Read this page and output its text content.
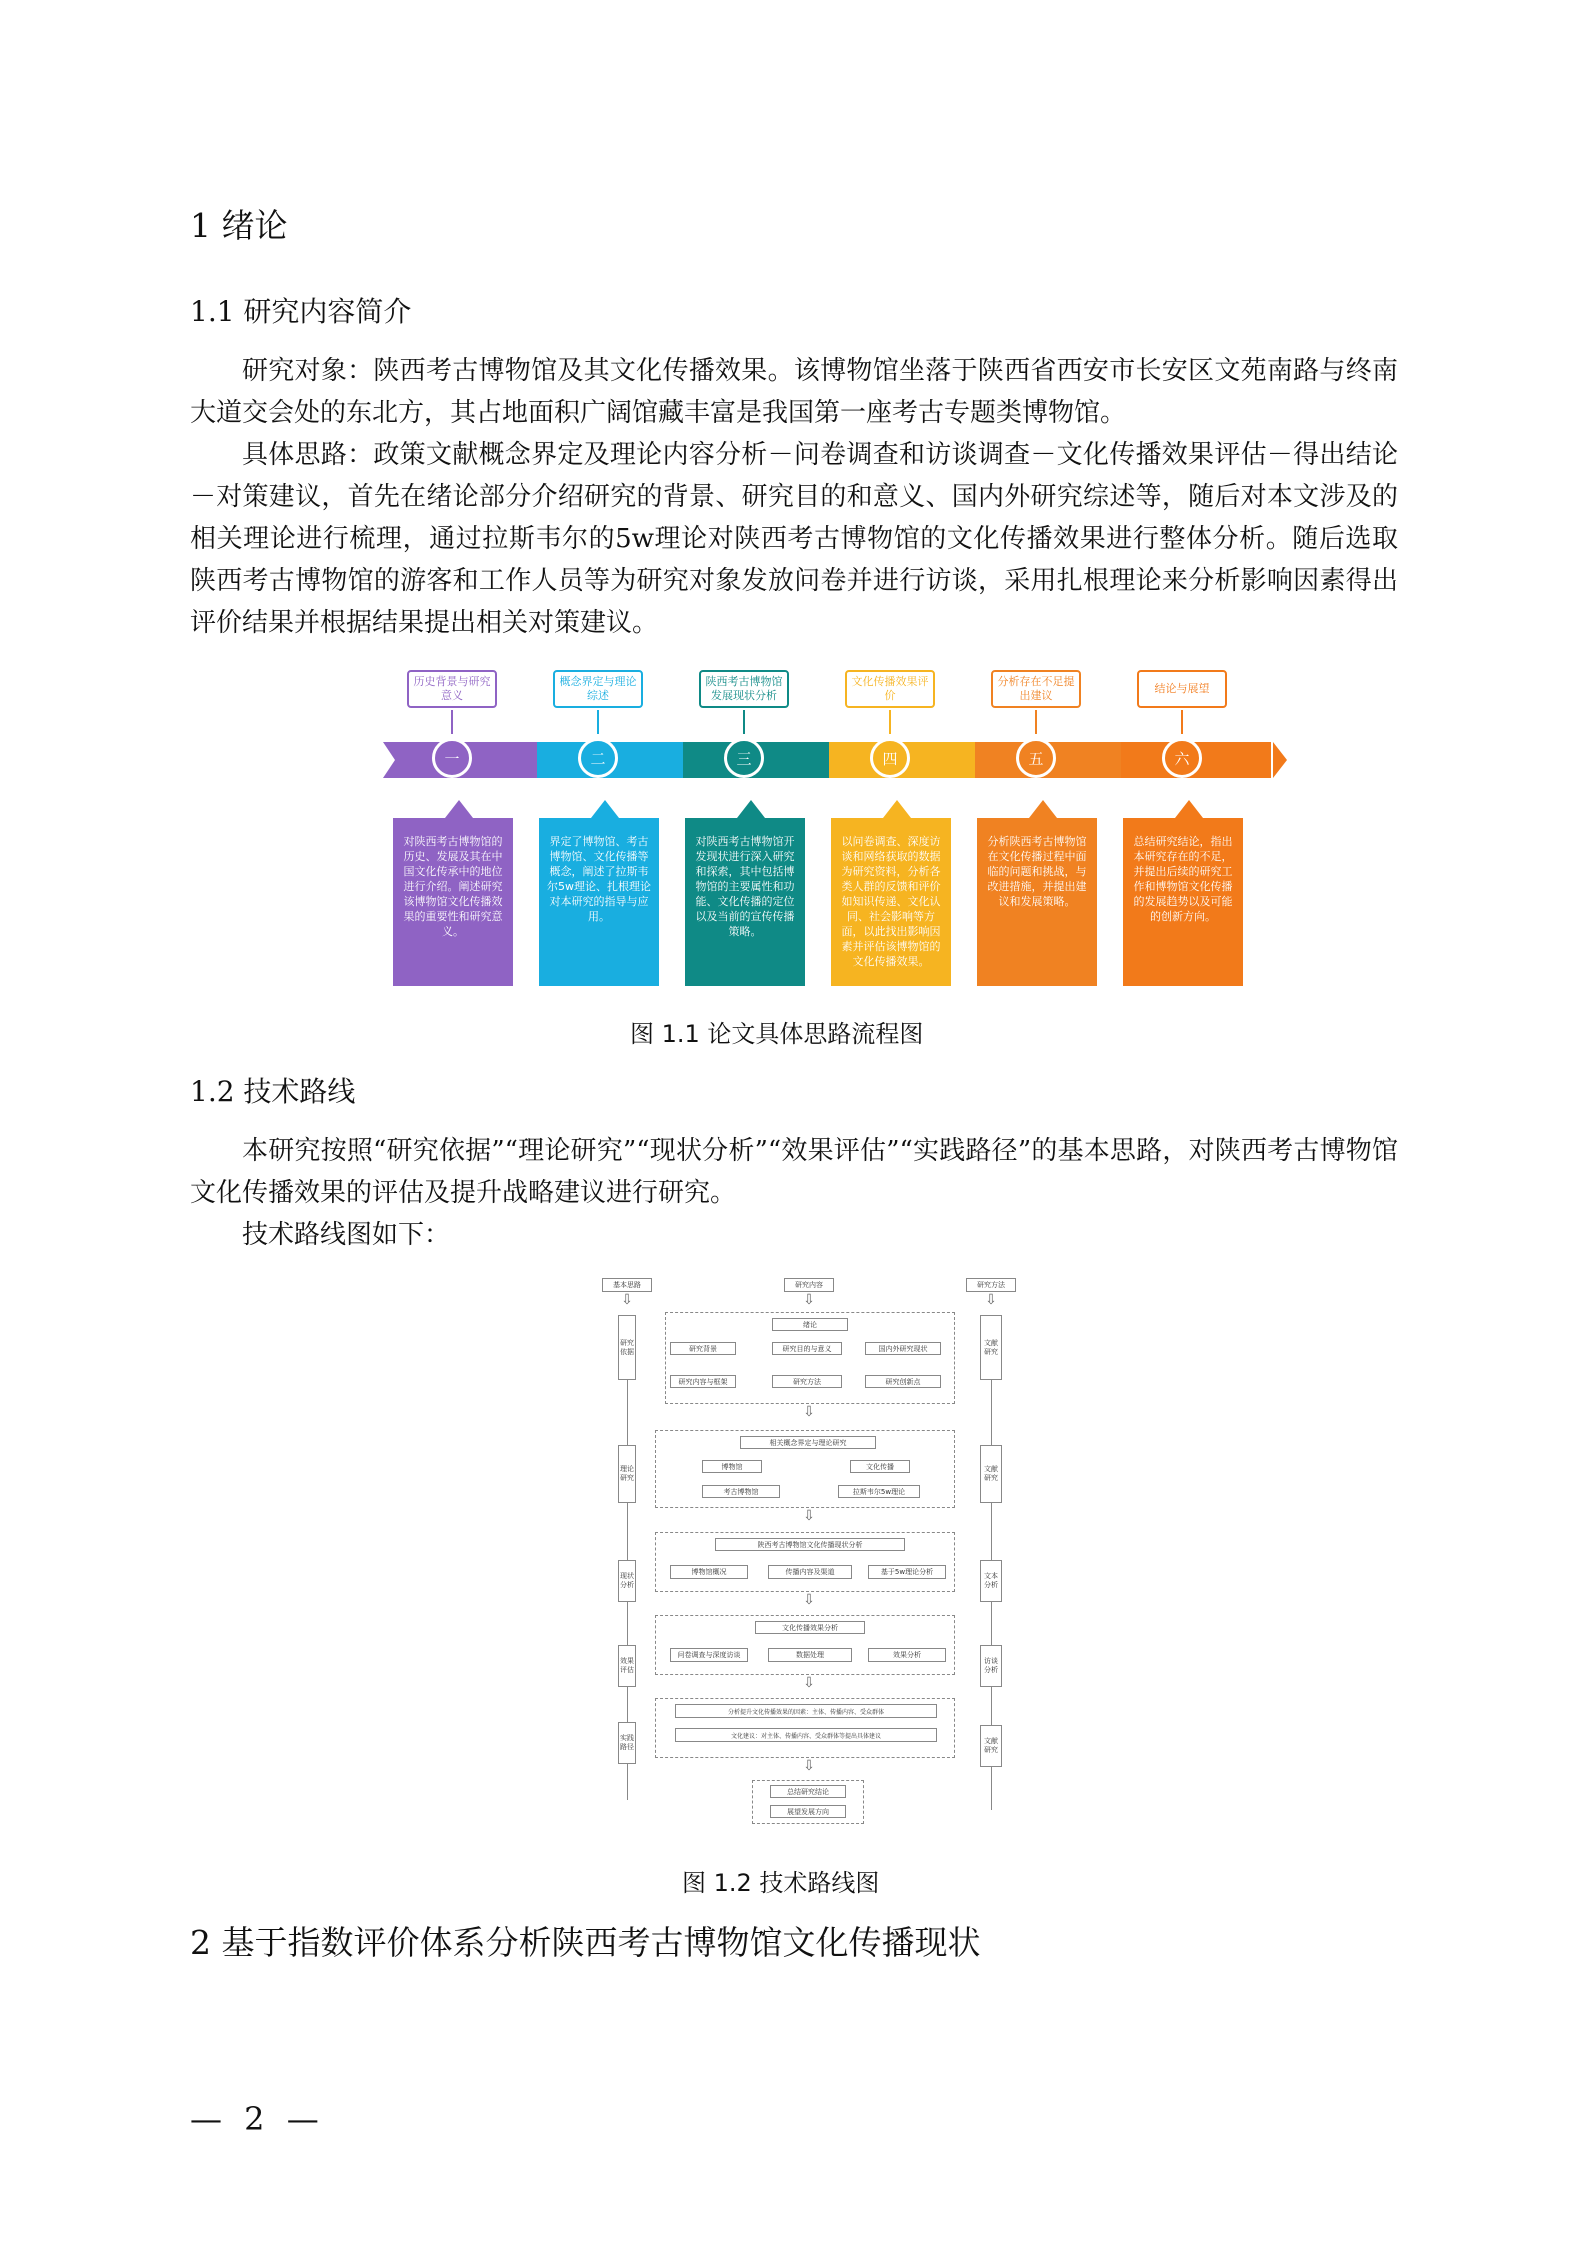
1 绪论
1.1 研究内容简介

研究对象：陕西考古博物馆及其文化传播效果。该博物馆坐落于陕西省西安市长安区文苑南路与终南大道交会处的东北方，其占地面积广阔馆藏丰富是我国第一座考古专题类博物馆。

具体思路：政策文献概念界定及理论内容分析－问卷调查和访谈调查－文化传播效果评估－得出结论－对策建议，首先在绪论部分介绍研究的背景、研究目的和意义、国内外研究综述等，随后对本文涉及的相关理论进行梳理，通过拉斯韦尔的5w理论对陕西考古博物馆的文化传播效果进行整体分析。随后选取陕西考古博物馆的游客和工作人员等为研究对象发放问卷并进行访谈，采用扎根理论来分析影响因素得出评价结果并根据结果提出相关对策建议。

历史背景与研究意义
一
对陕西考古博物馆的历史、发展及其在中国文化传承中的地位进行介绍。阐述研究该博物馆文化传播效果的重要性和研究意义。
概念界定与理论综述
二
界定了博物馆、考古博物馆、文化传播等概念，阐述了拉斯韦尔5w理论、扎根理论对本研究的指导与应用。
陕西考古博物馆发展现状分析
三
对陕西考古博物馆开发现状进行深入研究和探索，其中包括博物馆的主要属性和功能、文化传播的定位以及当前的宣传传播策略。
文化传播效果评价
四
以问卷调查、深度访谈和网络获取的数据为研究资料，分析各类人群的反馈和评价如知识传递、文化认同、社会影响等方面，以此找出影响因素并评估该博物馆的文化传播效果。
分析存在不足提出建议
五
分析陕西考古博物馆在文化传播过程中面临的问题和挑战，与改进措施，并提出建议和发展策略。
结论与展望
六
总结研究结论，指出本研究存在的不足，并提出后续的研究工作和博物馆文化传播的发展趋势以及可能的创新方向。
图 1.1 论文具体思路流程图
1.2 技术路线

本研究按照“研究依据”“理论研究”“现状分析”“效果评估”“实践路径”的基本思路，对陕西考古博物馆文化传播效果的评估及提升战略建议进行研究。

技术路线图如下：

基本思路	研究内容	研究方法
⇩	⇩	⇩
研究依据
理论研究
现状分析
效果评估
实践路径
文献研究
文献研究
文本分析
访谈分析
文献研究
绪论
研究背景	研究目的与意义	国内外研究现状
研究内容与框架	研究方法	研究创新点
⇩
相关概念界定与理论研究
博物馆	文化传播
考古博物馆	拉斯韦尔5w理论
⇩
陕西考古博物馆文化传播现状分析
博物馆概况	传播内容及渠道	基于5w理论分析
⇩
文化传播效果分析
问卷调查与深度访谈	数据处理	效果分析
⇩
分析提升文化传播效果的因素：主体、传播内容、受众群体
文化建议：对主体、传播内容、受众群体等提出具体建议
⇩
总结研究结论
展望发展方向
图 1.2 技术路线图
2 基于指数评价体系分析陕西考古博物馆文化传播现状
— 2 —
